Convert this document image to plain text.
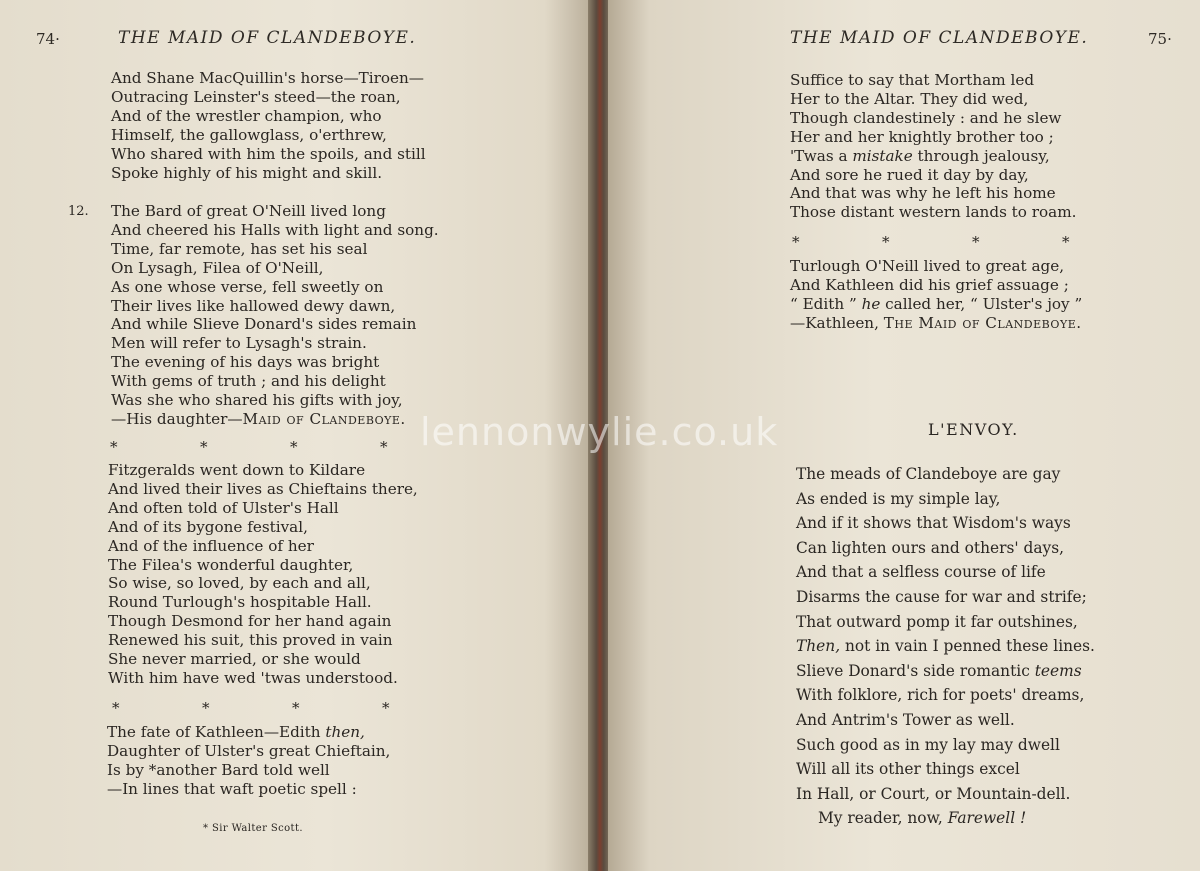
74·	THE MAID OF CLANDEBOYE.
And Shane MacQuillin's horse—Tiroen—
Outracing Leinster's steed—the roan,
And of the wrestler champion, who
Himself, the gallowglass, o'erthrew,
Who shared with him the spoils, and still
Spoke highly of his might and skill.
12. The Bard of great O'Neill lived long
And cheered his Halls with light and song.
Time, far remote, has set his seal
On Lysagh, Filea of O'Neill,
As one whose verse, fell sweetly on
Their lives like hallowed dewy dawn,
And while Slieve Donard's sides remain
Men will refer to Lysagh's strain.
The evening of his days was bright
With gems of truth ; and his delight
Was she who shared his gifts with joy,
—His daughter—Maid of Clandeboye.
*	*	*	*
Fitzgeralds went down to Kildare
And lived their lives as Chieftains there,
And often told of Ulster's Hall
And of its bygone festival,
And of the influence of her
The Filea's wonderful daughter,
So wise, so loved, by each and all,
Round Turlough's hospitable Hall.
Though Desmond for her hand again
Renewed his suit, this proved in vain
She never married, or she would
With him have wed 'twas understood.
*	*	*	*
The fate of Kathleen—Edith then,
Daughter of Ulster's great Chieftain,
Is by *another Bard told well
—In lines that waft poetic spell :
* Sir Walter Scott.

THE MAID OF CLANDEBOYE.	75·
Suffice to say that Mortham led
Her to the Altar. They did wed,
Though clandestinely : and he slew
Her and her knightly brother too ;
'Twas a mistake through jealousy,
And sore he rued it day by day,
And that was why he left his home
Those distant western lands to roam.
*	*	*	*
Turlough O'Neill lived to great age,
And Kathleen did his grief assuage ;
“ Edith ” he called her, “ Ulster's joy ”
—Kathleen, The Maid of Clandeboye.
L'ENVOY.
The meads of Clandeboye are gay
As ended is my simple lay,
And if it shows that Wisdom's ways
Can lighten ours and others' days,
And that a selfless course of life
Disarms the cause for war and strife;
That outward pomp it far outshines,
Then, not in vain I penned these lines.
Slieve Donard's side romantic teems
With folklore, rich for poets' dreams,
And Antrim's Tower as well.
Such good as in my lay may dwell
Will all its other things excel
In Hall, or Court, or Mountain-dell.
My reader, now, Farewell !
lennonwylie.co.uk
